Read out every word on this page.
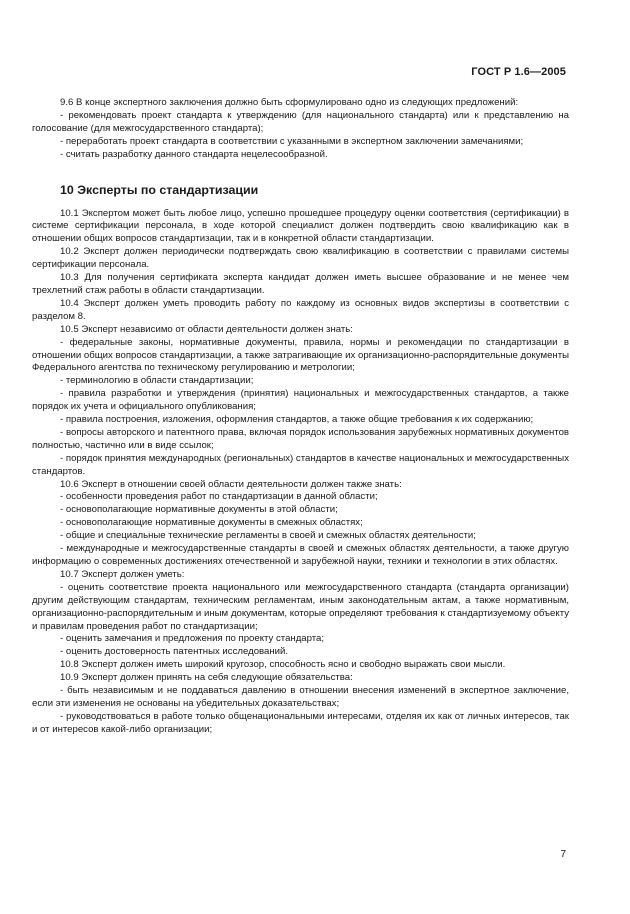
ГОСТ Р 1.6—2005

9.6 В конце экспертного заключения должно быть сформулировано одно из следующих предложений:

- рекомендовать проект стандарта к утверждению (для национального стандарта) или к представлению на голосование (для межгосударственного стандарта);

- переработать проект стандарта в соответствии с указанными в экспертном заключении замечаниями;

- считать разработку данного стандарта нецелесообразной.

10 Эксперты по стандартизации

10.1 Экспертом может быть любое лицо, успешно прошедшее процедуру оценки соответствия (сертификации) в системе сертификации персонала, в ходе которой специалист должен подтвердить свою квалификацию как в отношении общих вопросов стандартизации, так и в конкретной области стандартизации.

10.2 Эксперт должен периодически подтверждать свою квалификацию в соответствии с правилами системы сертификации персонала.

10.3 Для получения сертификата эксперта кандидат должен иметь высшее образование и не менее чем трехлетний стаж работы в области стандартизации.

10.4 Эксперт должен уметь проводить работу по каждому из основных видов экспертизы в соответствии с разделом 8.

10.5 Эксперт независимо от области деятельности должен знать:

- федеральные законы, нормативные документы, правила, нормы и рекомендации по стандартизации в отношении общих вопросов стандартизации, а также затрагивающие их организационно-распорядительные документы Федерального агентства по техническому регулированию и метрологии;

- терминологию в области стандартизации;

- правила разработки и утверждения (принятия) национальных и межгосударственных стандартов, а также порядок их учета и официального опубликования;

- правила построения, изложения, оформления стандартов, а также общие требования к их содержанию;

- вопросы авторского и патентного права, включая порядок использования зарубежных нормативных документов полностью, частично или в виде ссылок;

- порядок принятия международных (региональных) стандартов в качестве национальных и межгосударственных стандартов.

10.6 Эксперт в отношении своей области деятельности должен также знать:

- особенности проведения работ по стандартизации в данной области;

- основополагающие нормативные документы в этой области;

- основополагающие нормативные документы в смежных областях;

- общие и специальные технические регламенты в своей и смежных областях деятельности;

- международные и межгосударственные стандарты в своей и смежных областях деятельности, а также другую информацию о современных достижениях отечественной и зарубежной науки, техники и технологии в этих областях.

10.7 Эксперт должен уметь:

- оценить соответствие проекта национального или межгосударственного стандарта (стандарта организации) другим действующим стандартам, техническим регламентам, иным законодательным актам, а также нормативным, организационно-распорядительным и иным документам, которые определяют требования к стандартизуемому объекту и правилам проведения работ по стандартизации;

- оценить замечания и предложения по проекту стандарта;

- оценить достоверность патентных исследований.

10.8 Эксперт должен иметь широкий кругозор, способность ясно и свободно выражать свои мысли.

10.9 Эксперт должен принять на себя следующие обязательства:

- быть независимым и не поддаваться давлению в отношении внесения изменений в экспертное заключение, если эти изменения не основаны на убедительных доказательствах;

- руководствоваться в работе только общенациональными интересами, отделяя их как от личных интересов, так и от интересов какой-либо организации;

7
